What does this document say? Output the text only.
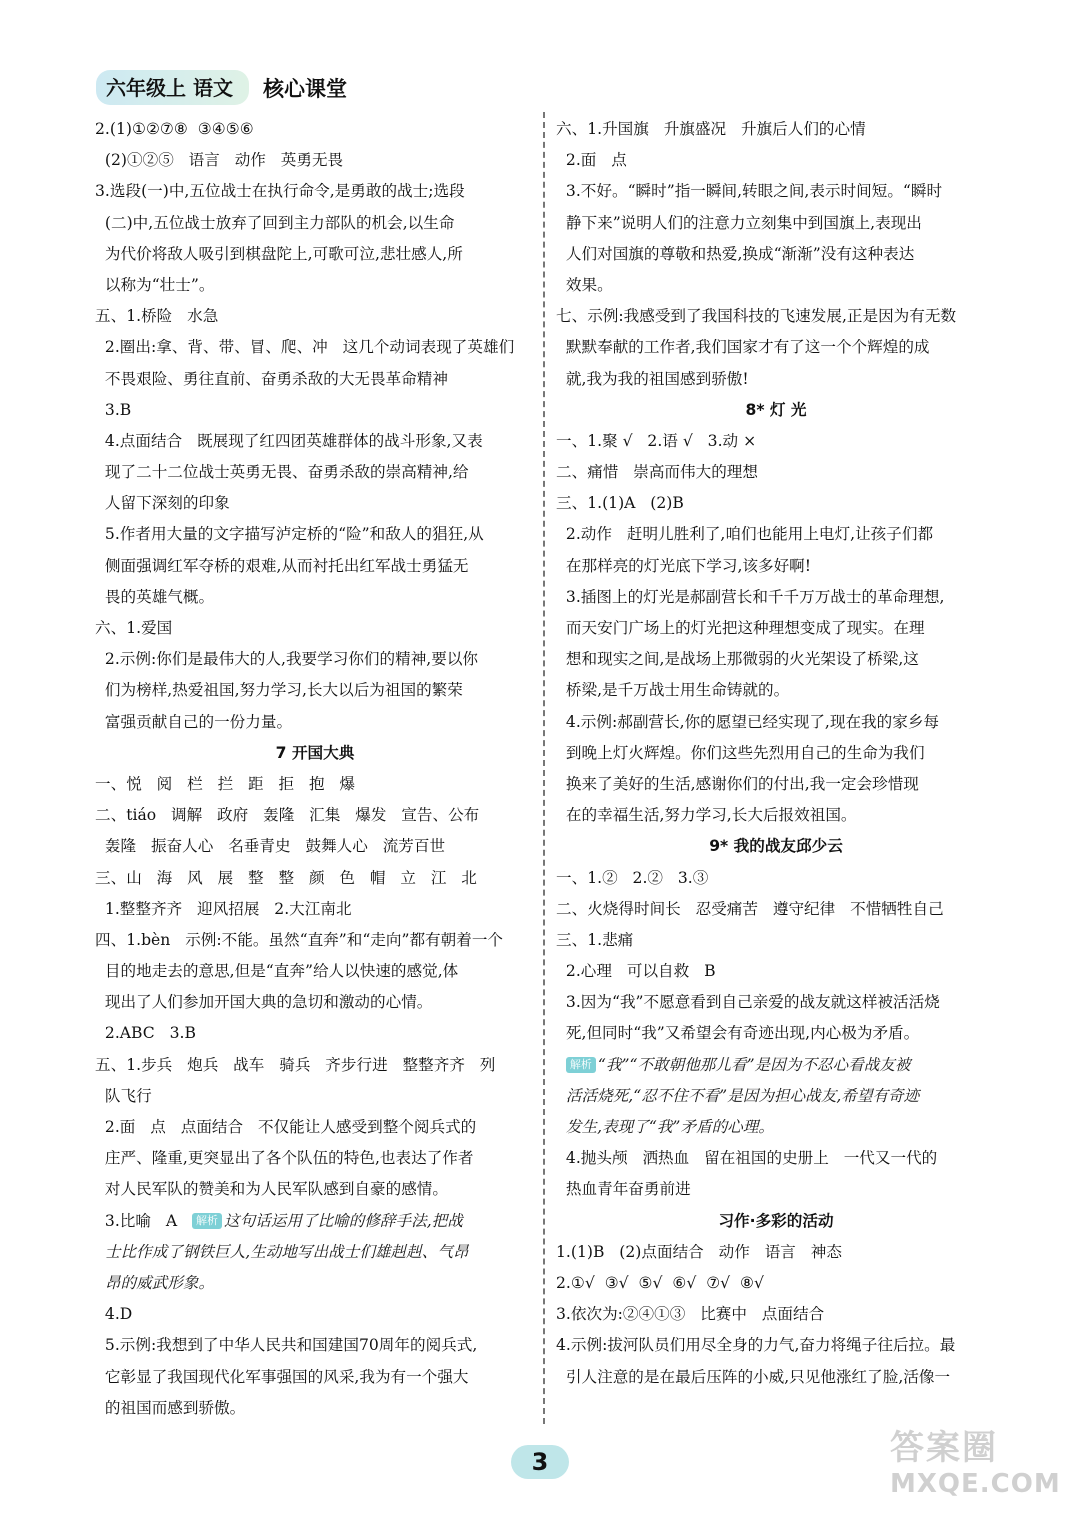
六年级上 语文	核心课堂
2.(1)①②⑦⑧  ③④⑤⑥
(2)①②⑤   语言   动作   英勇无畏
3.选段(一)中,五位战士在执行命令,是勇敢的战士;选段
(二)中,五位战士放弃了回到主力部队的机会,以生命
为代价将敌人吸引到棋盘陀上,可歌可泣,悲壮感人,所
以称为“壮士”。
五、1.桥险   水急
2.圈出:拿、背、带、冒、爬、冲   这几个动词表现了英雄们
不畏艰险、勇往直前、奋勇杀敌的大无畏革命精神
3.B
4.点面结合   既展现了红四团英雄群体的战斗形象,又表
现了二十二位战士英勇无畏、奋勇杀敌的崇高精神,给
人留下深刻的印象
5.作者用大量的文字描写泸定桥的“险”和敌人的猖狂,从
侧面强调红军夺桥的艰难,从而衬托出红军战士勇猛无
畏的英雄气概。
六、1.爱国
2.示例:你们是最伟大的人,我要学习你们的精神,要以你
们为榜样,热爱祖国,努力学习,长大以后为祖国的繁荣
富强贡献自己的一份力量。
7 开国大典
一、悦   阅   栏   拦   距   拒   抱   爆
二、tiáo   调解   政府   轰隆   汇集   爆发   宣告、公布
轰隆   振奋人心   名垂青史   鼓舞人心   流芳百世
三、山   海   风   展   整   整   颜   色   帽   立   江   北
1.整整齐齐   迎风招展   2.大江南北
四、1.bèn   示例:不能。虽然“直奔”和“走向”都有朝着一个
目的地走去的意思,但是“直奔”给人以快速的感觉,体
现出了人们参加开国大典的急切和激动的心情。
2.ABC   3.B
五、1.步兵   炮兵   战车   骑兵   齐步行进   整整齐齐   列
队飞行
2.面   点   点面结合   不仅能让人感受到整个阅兵式的
庄严、隆重,更突显出了各个队伍的特色,也表达了作者
对人民军队的赞美和为人民军队感到自豪的感情。
3.比喻   A   解析 这句话运用了比喻的修辞手法,把战
士比作成了钢铁巨人,生动地写出战士们雄赳赳、气昂
昂的威武形象。
4.D
5.示例:我想到了中华人民共和国建国70周年的阅兵式,
它彰显了我国现代化军事强国的风采,我为有一个强大
的祖国而感到骄傲。
六、1.升国旗   升旗盛况   升旗后人们的心情
2.面   点
3.不好。“瞬时”指一瞬间,转眼之间,表示时间短。“瞬时
静下来”说明人们的注意力立刻集中到国旗上,表现出
人们对国旗的尊敬和热爱,换成“渐渐”没有这种表达
效果。
七、示例:我感受到了我国科技的飞速发展,正是因为有无数
默默奉献的工作者,我们国家才有了这一个个辉煌的成
就,我为我的祖国感到骄傲!
8* 灯 光
一、1.聚 √   2.语 √   3.动 ×
二、痛惜   崇高而伟大的理想
三、1.(1)A   (2)B
2.动作   赶明儿胜利了,咱们也能用上电灯,让孩子们都
在那样亮的灯光底下学习,该多好啊!
3.插图上的灯光是郝副营长和千千万万战士的革命理想,
而天安门广场上的灯光把这种理想变成了现实。在理
想和现实之间,是战场上那微弱的火光架设了桥梁,这
桥梁,是千万战士用生命铸就的。
4.示例:郝副营长,你的愿望已经实现了,现在我的家乡每
到晚上灯火辉煌。你们这些先烈用自己的生命为我们
换来了美好的生活,感谢你们的付出,我一定会珍惜现
在的幸福生活,努力学习,长大后报效祖国。
9* 我的战友邱少云
一、1.②   2.②   3.③
二、火烧得时间长   忍受痛苦   遵守纪律   不惜牺牲自己
三、1.悲痛
2.心理   可以自救   B
3.因为“我”不愿意看到自己亲爱的战友就这样被活活烧
死,但同时“我”又希望会有奇迹出现,内心极为矛盾。
解析 “我”“不敢朝他那儿看”是因为不忍心看战友被
活活烧死,“忍不住不看”是因为担心战友,希望有奇迹
发生,表现了“我”矛盾的心理。
4.抛头颅   洒热血   留在祖国的史册上   一代又一代的
热血青年奋勇前进
习作·多彩的活动
1.(1)B   (2)点面结合   动作   语言   神态
2.①√  ③√  ⑤√  ⑥√  ⑦√  ⑧√
3.依次为:②④①③   比赛中   点面结合
4.示例:拔河队员们用尽全身的力气,奋力将绳子往后拉。最
引人注意的是在最后压阵的小威,只见他涨红了脸,活像一
3	答案圈
MXQE.COM
